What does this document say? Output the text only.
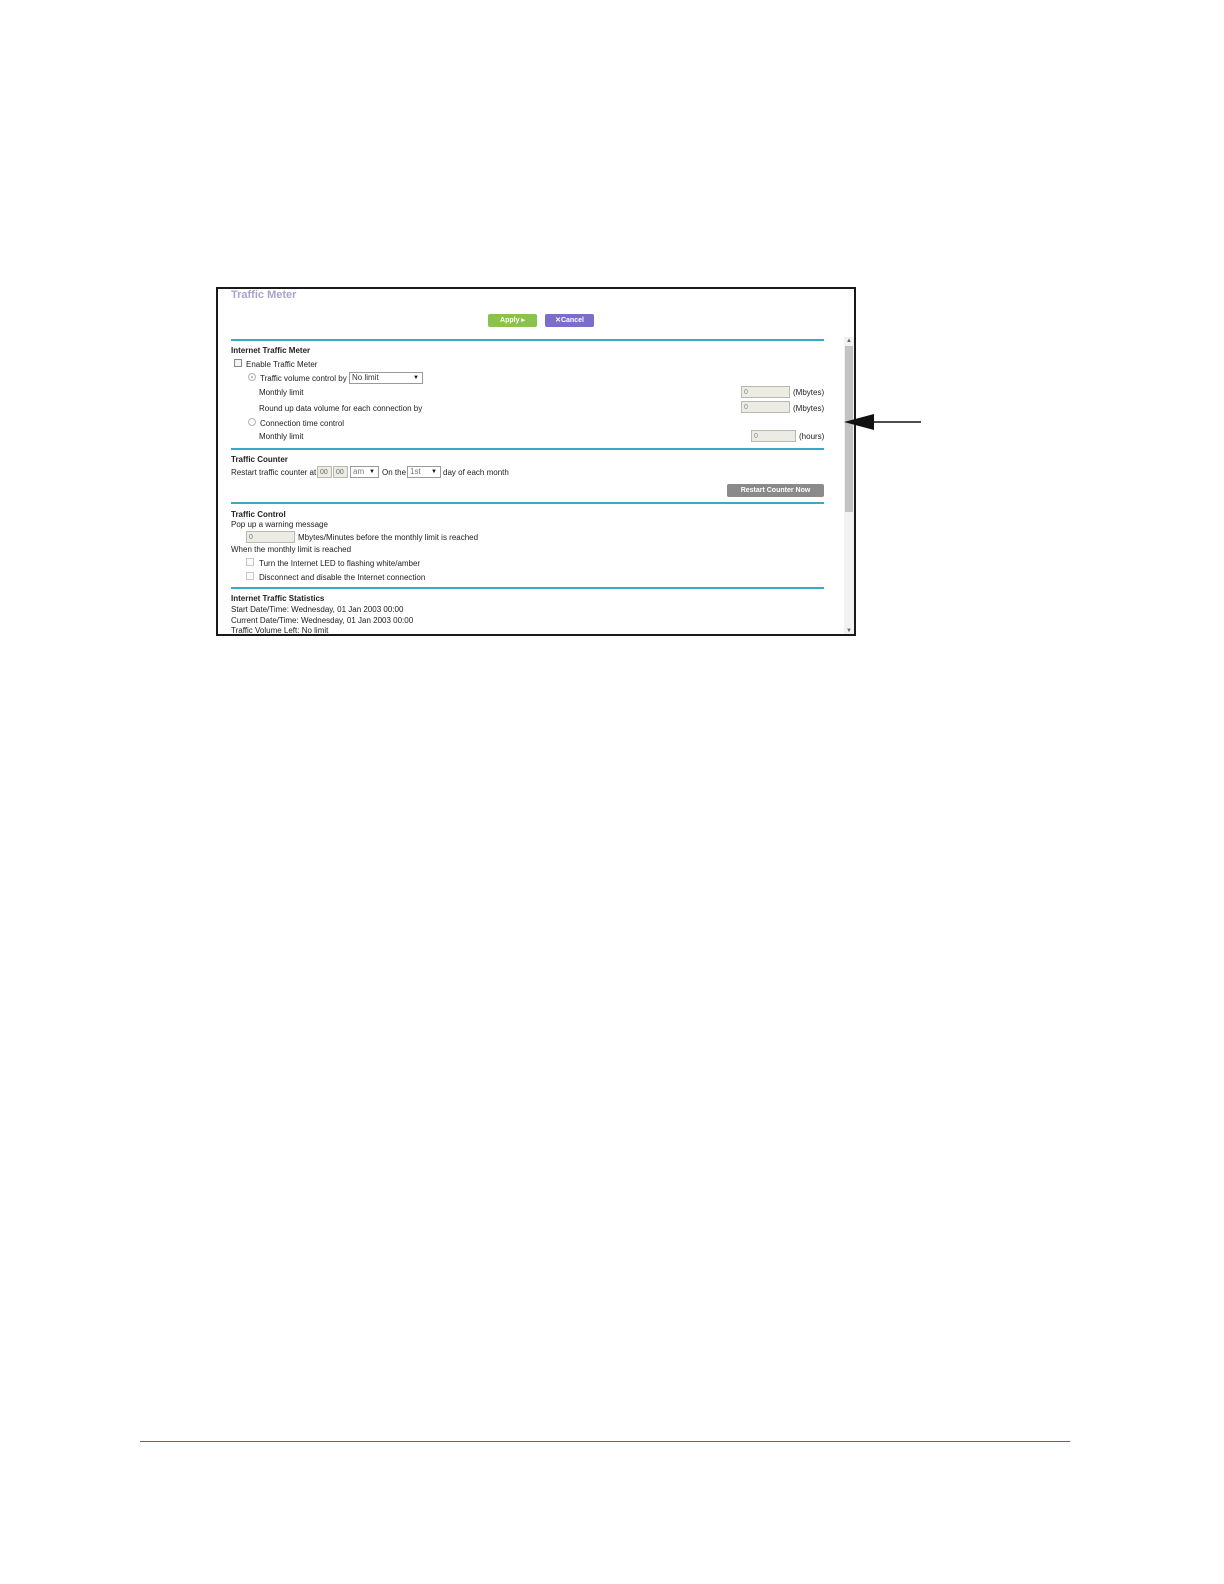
Traffic Meter
Apply ▸	✕Cancel
Internet Traffic Meter
Enable Traffic Meter
Traffic volume control by No limit	▼
Monthly limit	0	(Mbytes)
Round up data volume for each connection by	0	(Mbytes)
Connection time control
Monthly limit	0	(hours)
Traffic Counter
Restart traffic counter at 00	00	am ▼ On the 1st ▼ day of each month
Restart Counter Now
Traffic Control
Pop up a warning message
0	Mbytes/Minutes before the monthly limit is reached
When the monthly limit is reached
Turn the Internet LED to flashing white/amber
Disconnect and disable the Internet connection
Internet Traffic Statistics
Start Date/Time: Wednesday, 01 Jan 2003 00:00
Current Date/Time: Wednesday, 01 Jan 2003 00:00
Traffic Volume Left: No limit
▲
▼
